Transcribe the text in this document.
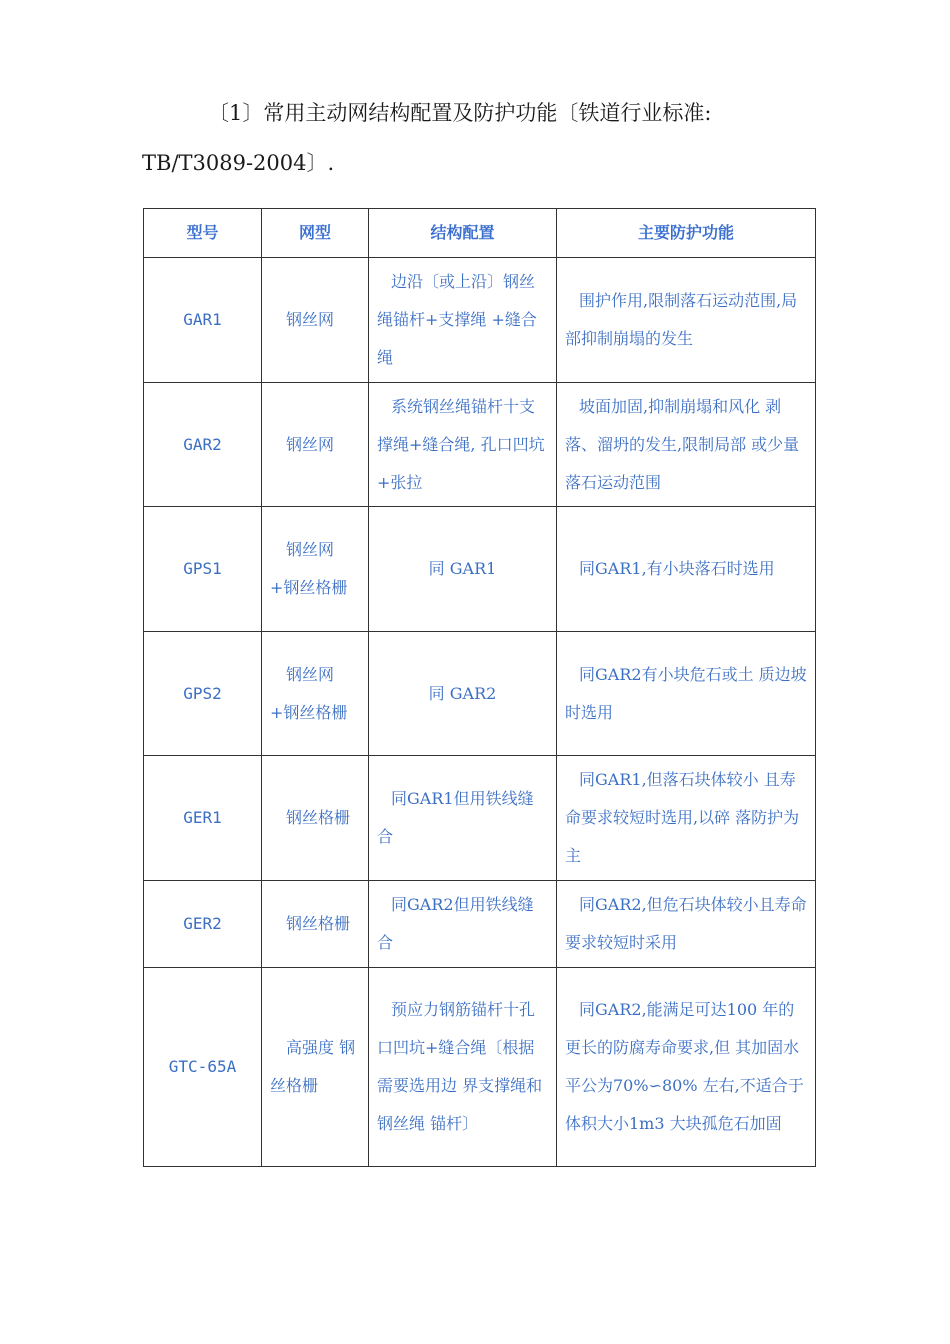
〔1〕常用主动网结构配置及防护功能〔铁道行业标准:
TB/T3089-2004〕.
型号	网型	结构配置	主要防护功能
GAR1	钢丝网	边沿〔或上沿〕钢丝绳锚杆+支撑绳 +缝合绳	围护作用,限制落石运动范围,局部抑制崩塌的发生
GAR2	钢丝网	系统钢丝绳锚杆十支撑绳+缝合绳, 孔口凹坑+张拉	坡面加固,抑制崩塌和风化 剥落、溜坍的发生,限制局部 或少量落石运动范围
GPS1	钢丝网+钢丝格栅	同 GAR1	同GAR1,有小块落石时选用
GPS2	钢丝网+钢丝格栅	同 GAR2	同GAR2有小块危石或土 质边坡时选用
GER1	钢丝格栅	同GAR1但用铁线缝合	同GAR1,但落石块体较小 且寿命要求较短时选用,以碎 落防护为主
GER2	钢丝格栅	同GAR2但用铁线缝合	同GAR2,但危石块体较小且寿命要求较短时采用
GTC-65A	高强度 钢丝格栅	预应力钢筋锚杆十孔口凹坑+缝合绳〔根据需要选用边 界支撑绳和钢丝绳 锚杆〕	同GAR2,能满足可达100 年的更长的防腐寿命要求,但 其加固水平公为70%∽80% 左右,不适合于体积大小1m3 大块孤危石加固
